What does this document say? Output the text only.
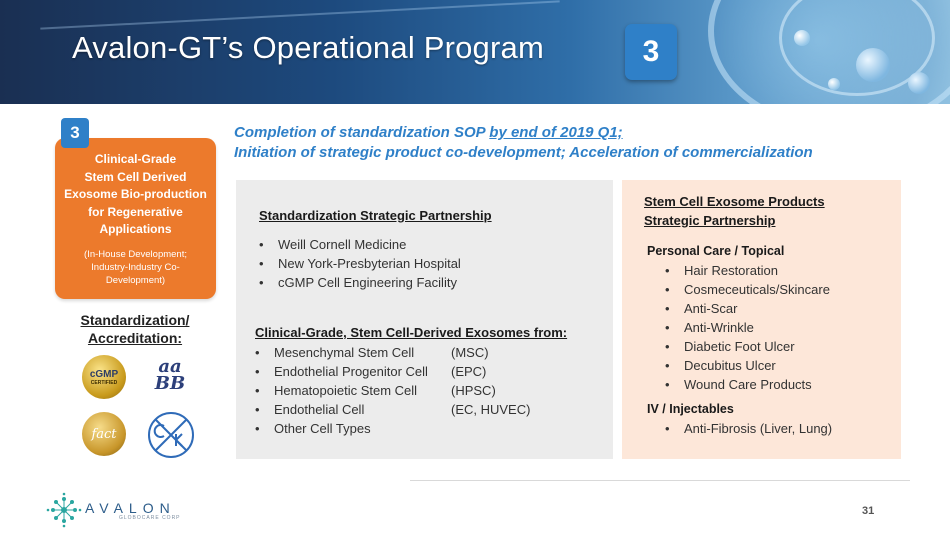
Avalon-GT’s Operational Program	3
Clinical-Grade
Stem Cell Derived
Exosome Bio-production
for Regenerative
Applications
(In-House Development;
Industry-Industry Co-
Development)
3	Completion of standardization SOP by end of 2019 Q1;
Initiation of strategic product co-development; Acceleration of commercialization
Standardization/
Accreditation:
cGMP
CERTIFIED
aa BB
fact
Standardization Strategic Partnership
• Weill Cornell Medicine
• New York-Presbyterian Hospital
• cGMP Cell Engineering Facility
Clinical-Grade, Stem Cell-Derived Exosomes from:
• Mesenchymal Stem Cell	(MSC)
• Endothelial Progenitor Cell (EPC)
• Hematopoietic Stem Cell	(HPSC)
• Endothelial Cell	(EC, HUVEC)
• Other Cell Types
Stem Cell Exosome Products
Strategic Partnership
Personal Care / Topical
• Hair Restoration
• Cosmeceuticals/Skincare
• Anti-Scar
• Anti-Wrinkle
• Diabetic Foot Ulcer
• Decubitus Ulcer
• Wound Care Products
IV / Injectables
• Anti-Fibrosis (Liver, Lung)
AVALON
GLOBOCARE CORP
31
